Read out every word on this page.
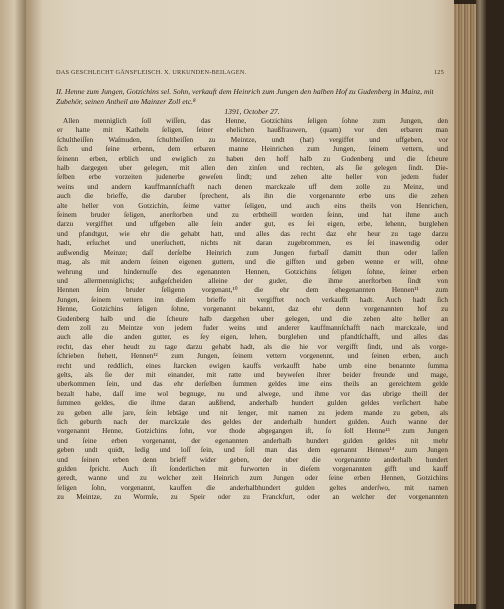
DAS GESCHLECHT GÄNSFLEISCH. X. URKUNDEN-BEILAGEN.	125

II. Henne zum Jungen, Gotzichins sel. Sohn, verkauft dem Heinrich zum Jungen den halben Hof zu Gudenberg in Mainz, mit Zubehör, seinen Antheil am Mainzer Zoll etc.⁸

1391, October 27.

Allen menniglich ſoll wiſſen, das Henne, Gotzichins ſeligen ſohne zum Jungen, den
er hatte mit Katheln ſeligen, ſeiner ehelichen haußfrauwen, (quam) vor den erbaren man
ſchultheiſſen Waſmuden, ſchultheiſſen zu Meintze, undt (hat) vergiffet und uffgeben, vor
ſich und ſeine erbenn, dem erbaren manne Heinrichen zum Jungen, ſeinem vettern, und
ſeinenn erben, erblich und ewiglich zu haben den hoff halb zu Gudenberg und die ſcheure
halb dargegen uber gelegen, mit allen den zinſen und rechten, als ſie gelegen ſindt. Die-
ſelben erbe vorzeiten judenerbe geweſen ſindt; und zehen alte heller von jedem fuder
weins und andern kauffmannſchafft nach denen marckzale uff dem zolle zu Meinz, und
auch die brieffe, die daruber ſprechent, als ihn die vorgenannte erbe uns die zehen
alte heller von Gotzichin, ſeime vatter ſeligen, und auch eins theils von Henrichen,
ſeinem bruder ſeligen, anerſtorben und zu erbtheill worden ſeinn, und hat ihme auch
darzu vergifftet und uffgeben alle ſein ander gut, es ſei eigen, erbe, lehenn, burglehen
und pfandtgut, wie ehr die gehabt hatt, und alles das recht daz ehr heur zu tage darzu
hadt, erſuchet und unerſuchett, nichts nit daran zugebrommen, es ſei inawendig oder
außwendig Meinze; daſſ derſelbe Heinrich zum Jungen furbaſſ damitt thun oder laſſen
mag, als mit andern ſeinen eigenen guttern, und die gifften und geben wenne er will, ohne
wehrung und hindernuſſe des egenannten Hennen, Gotzichins ſeligen ſohne, ſeiner erben
und allermenniglichs; außgeſcheiden alleine der guder, die ihme anerſtorben ſindt von
Hennen ſeim bruder ſeligenn vorgenant,¹⁰ die ehr dem ehegenannten Hennen¹¹ zum
Jungen, ſeinem vettern inn dieſem brieffe nit vergifftet noch verkaufft hadt. Auch hadt ſich
Henne, Gotzichins ſeligen ſohne, vorgenannt bekannt, daz ehr denn vorgenannten hof zu
Gudenberg halb und die ſcheure halb dargehen uber gelegen, und die zehen alte heller an
dem zoll zu Meintze von jedem fuder weins und anderer kauffmannſchafft nach marckzale, und
auch alle die anden gutter, es ſey eigen, lehen, burglehen und pfandtſchafft, und alles das
recht, das eher heudt zu tage darzu gehabt hadt, als die hie vor vergifft ſindt, und als vorge-
ſchrieben ſtehett, Hennen¹² zum Jungen, ſeinem vettern vorgenennt, und ſeinen erben, auch
recht und reddlich, eines ſtarcken ewigen kauffs verkaufft habe umb eine benannte ſumma
gelts, als ſie der mit einander, mit ratte und beyweſen ihrer beider freunde und mage,
uberkommen ſein, und das ehr derſelben ſummen geldes ime eins theils an gereichtem gelde
bezalt habe, daſſ ime wol begnuge, nu und alwege, und ihme vor das ubrige theill der
ſummen geldes, die ihme daran außſtend, anderhalb hundert gulden geldes verſichert habe
zu geben alle jare, ſein lebtäge und nit lenger, mit namen zu jedem mande zu geben, als
ſich geburth nach der marckzale des geldes der anderhalb hundert gulden. Auch wanne der
vorgenannt Henne, Gotzichins ſohn, vor thode abgegangen iſt, ſo ſoll Henne¹³ zum Jungen
und ſeine erben vorgenannt, der egenannten anderhalb hundert gulden geldes nit mehr
geben undt quidt, ledig und loſſ ſein, und ſoll man das dem egenannt Hennen¹⁴ zum Jungen
und ſeinen erben denn brieff wider geben, der uber die vorgenannte anderhalb hundert
gulden ſpricht. Auch iſt ſonderlichen mit furworten in dieſem vorgenannten gifft und kauff
geredt, wanne und zu welcher zeit Heinrich zum Jungen oder ſeine erben Hennen, Gotzichins
ſeligen ſohn, vorgenannt, kauffen die anderhalbhundert gulden geltes anderſwo, mit namen
zu Meintze, zu Wormſe, zu Speir oder zu Franckfurt, oder an welcher der vorgenannten
